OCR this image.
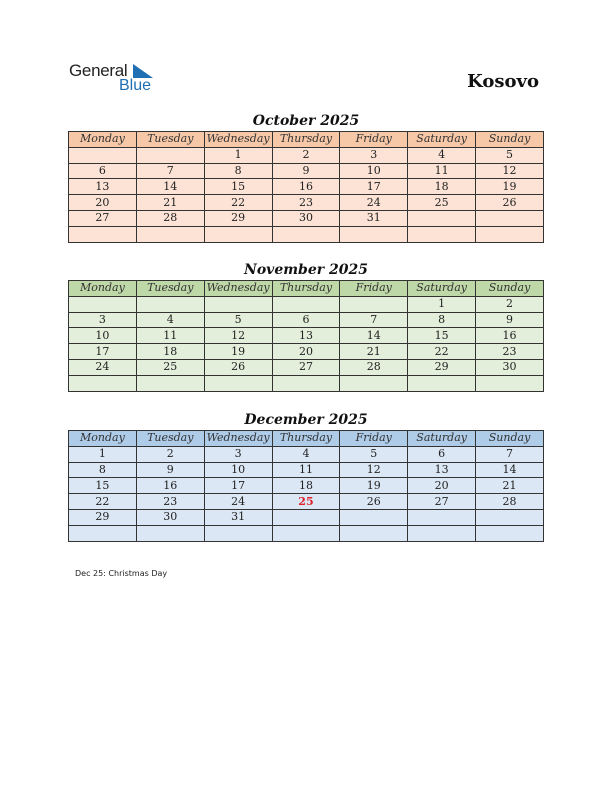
General
Blue	Kosovo
October 2025
Monday	Tuesday	Wednesday	Thursday	Friday	Saturday	Sunday
		1	2	3	4	5
6	7	8	9	10	11	12
13	14	15	16	17	18	19
20	21	22	23	24	25	26
27	28	29	30	31		

November 2025
Monday	Tuesday	Wednesday	Thursday	Friday	Saturday	Sunday
					1	2
3	4	5	6	7	8	9
10	11	12	13	14	15	16
17	18	19	20	21	22	23
24	25	26	27	28	29	30

December 2025
Monday	Tuesday	Wednesday	Thursday	Friday	Saturday	Sunday
1	2	3	4	5	6	7
8	9	10	11	12	13	14
15	16	17	18	19	20	21
22	23	24	25	26	27	28
29	30	31				

Dec 25: Christmas Day
